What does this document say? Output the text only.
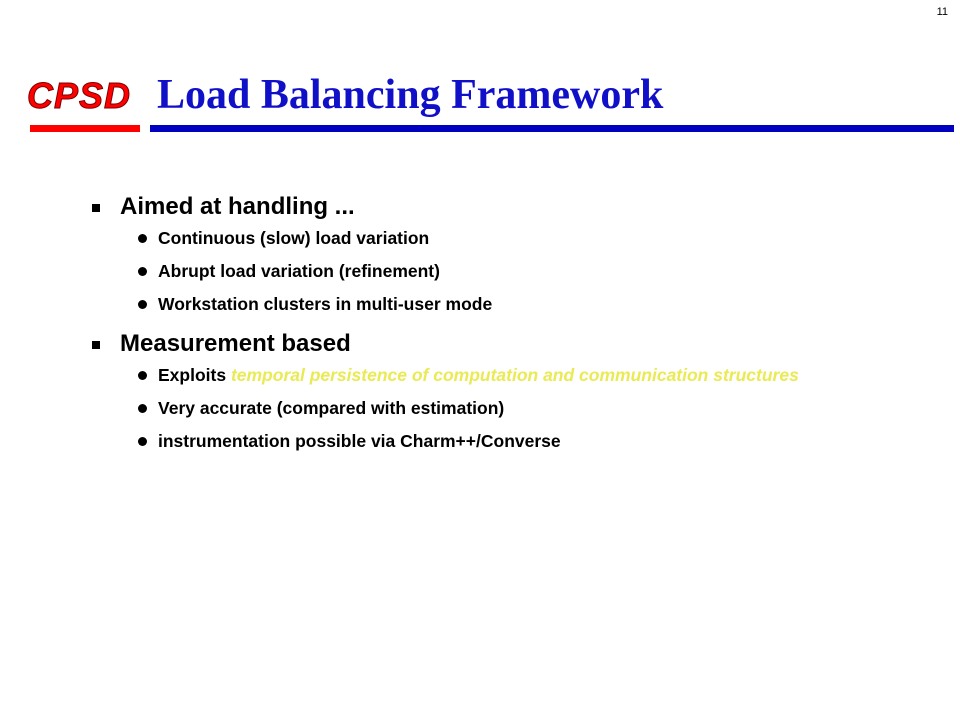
11
CPSD Load Balancing Framework
Aimed at handling ...
Continuous (slow) load variation
Abrupt load variation (refinement)
Workstation clusters in multi-user mode
Measurement based
Exploits temporal persistence of computation and communication structures
Very accurate (compared with estimation)
instrumentation possible via Charm++/Converse
